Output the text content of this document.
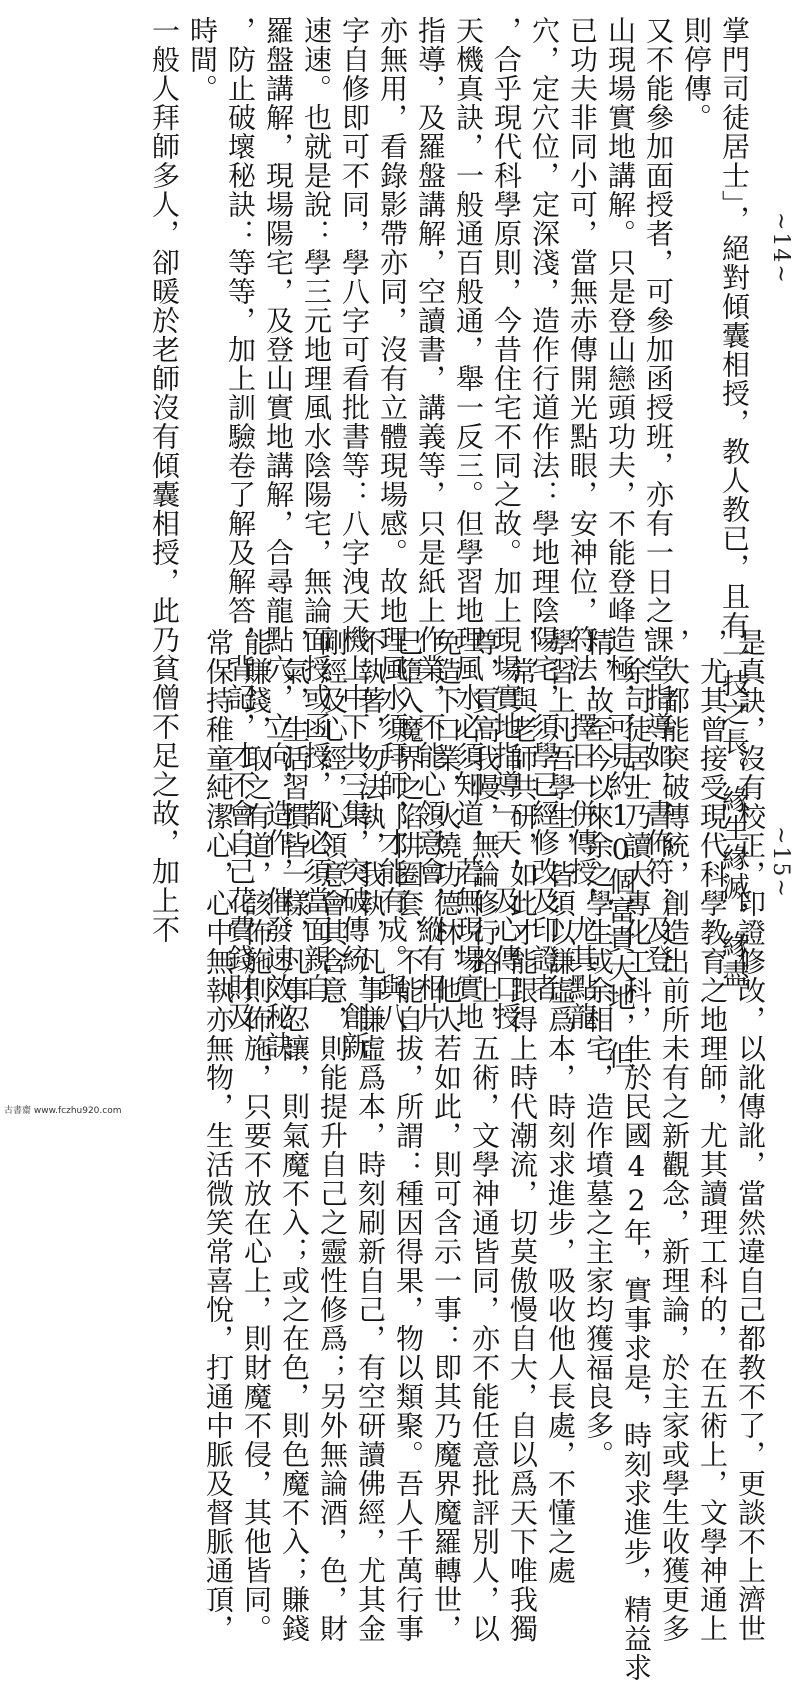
掌門司徒居士」，絕對傾囊相授，教人教已，且有一技之長。緣生緣滅，緣盡
則停傳。
又不能參加面授者，可參加函授班，亦有一日之課堂指導如：書佈符：及登
山現場實地講解。只是登山戀頭功夫，不能登峰造極，可見約10個富貴大地，但
已功夫非同小可，當無赤傳開光點眼，安神位，符法，擇日一併傳授，尤其點龍
穴，定穴位，定深淺，造作行道作法：學地理陰陽宅，須學已經修改及印證者
，合乎現代科學原則，今昔住宅不同之故。加上現場實地指導一天，及心傳口授
天機真訣，一般通百般通，舉一反三。但學習地理風水必須知道，若無現場實地
指導，及羅盤講解，空讀書，講義等，只是紙上作業，不能心領意會，縱有相片
亦無用，看錄影帶亦同，沒有立體現場感。故地理風水須拜師，才能有成。與八
字自修即可不同，學八字可看批書等：八字洩天機上中下共三集，突破傳統，創新
速速。也就是說：學三元地理風水陰陽宅，無論面授或函授，都必須當面親自
羅盤講解，現場陽宅，及登山實地講解，合尋龍點穴，立向，造作，催發速效秘訣
，防止破壞秘訣：等等，加上訓驗卷了解及解答，背記，才不會自己花費錢財及
時間。
一般人拜師多人，卻暖於老師沒有傾囊相授，此乃貧僧不足之故，加上不	~14~
是真訣，沒有校正，印證修改，以訛傳訛，當然違自己都教不了，更談不上濟世
，尤其曾接受現代科學教育之地理師，尤其讀理工科的，在五術上，文學神通上
，大都能突破傳統，創造出前所未有之新觀念，新理論，於主家或學生收獲更多
，余司徒居士乃讀大專化工科，生於民國42年，實事求是，時刻求進步，精益求
精，故至今以來余之學生或余相宅，造作墳墓之主家均獲福良多。
學習上凡吾學生，皆須以謙虛爲本，時刻求進步，吸收他人長處，不懂之處
，常與老師共研，如此才能跟得上時代潮流，切莫傲慢自大，自以爲天下唯我獨
尊，貢高我慢，無論修行路上，五術，文學神通皆同，亦不能任意批評別人，以
免造下口業，火燒功德林，他人若如此，則可含示一事：即其乃魔界魔羅轉世，
已墮入魔界之陷阱圈套，不能自拔，所謂：種因得果，物以類聚。吾人千萬行事
不執著，勿法執，我執，凡事謙虛爲本，時刻刷新自己，有空研讀佛經，尤其金
剛經及心經，心領意會其含意，則能提升自己之靈性修爲；另外無論酒，色，財
，氣，生活習慣皆一樣，凡事忍讓，則氣魔不入；或之在色，則色魔不入；賺錢
能賺錢，取之有道，該佈施則佈施，只要不放在心上，則財魔不侵，其他皆同。
常保持稚童純潔心，心中無執亦無物，生活微笑常喜悅，打通中脈及督脈通頂，	~15~
古書齋 www.fczhu920.com
